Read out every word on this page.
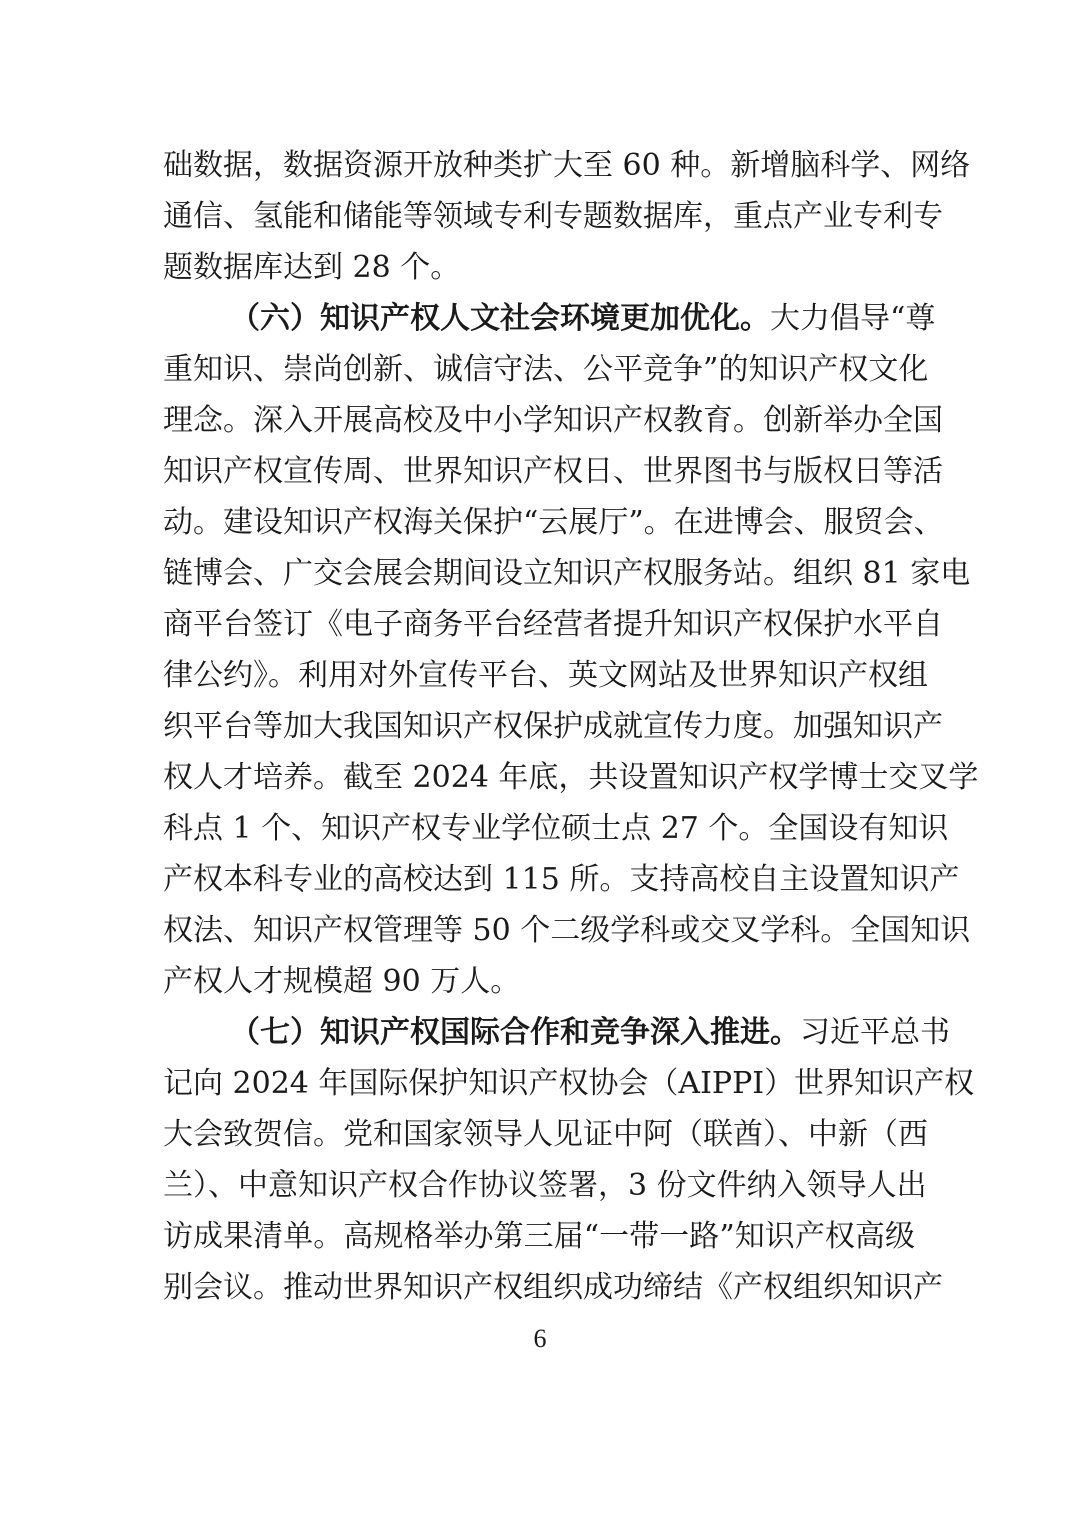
础数据，数据资源开放种类扩大至 60 种。新增脑科学、网络
通信、氢能和储能等领域专利专题数据库，重点产业专利专
题数据库达到 28 个。
（六）知识产权人文社会环境更加优化。大力倡导“尊
重知识、崇尚创新、诚信守法、公平竞争”的知识产权文化
理念。深入开展高校及中小学知识产权教育。创新举办全国
知识产权宣传周、世界知识产权日、世界图书与版权日等活
动。建设知识产权海关保护“云展厅”。在进博会、服贸会、
链博会、广交会展会期间设立知识产权服务站。组织 81 家电
商平台签订《电子商务平台经营者提升知识产权保护水平自
律公约》。利用对外宣传平台、英文网站及世界知识产权组
织平台等加大我国知识产权保护成就宣传力度。加强知识产
权人才培养。截至 2024 年底，共设置知识产权学博士交叉学
科点 1 个、知识产权专业学位硕士点 27 个。全国设有知识
产权本科专业的高校达到 115 所。支持高校自主设置知识产
权法、知识产权管理等 50 个二级学科或交叉学科。全国知识
产权人才规模超 90 万人。
（七）知识产权国际合作和竞争深入推进。习近平总书
记向 2024 年国际保护知识产权协会（AIPPI）世界知识产权
大会致贺信。党和国家领导人见证中阿（联酋）、中新（西
兰）、中意知识产权合作协议签署，3 份文件纳入领导人出
访成果清单。高规格举办第三届“一带一路”知识产权高级
别会议。推动世界知识产权组织成功缔结《产权组织知识产
6
